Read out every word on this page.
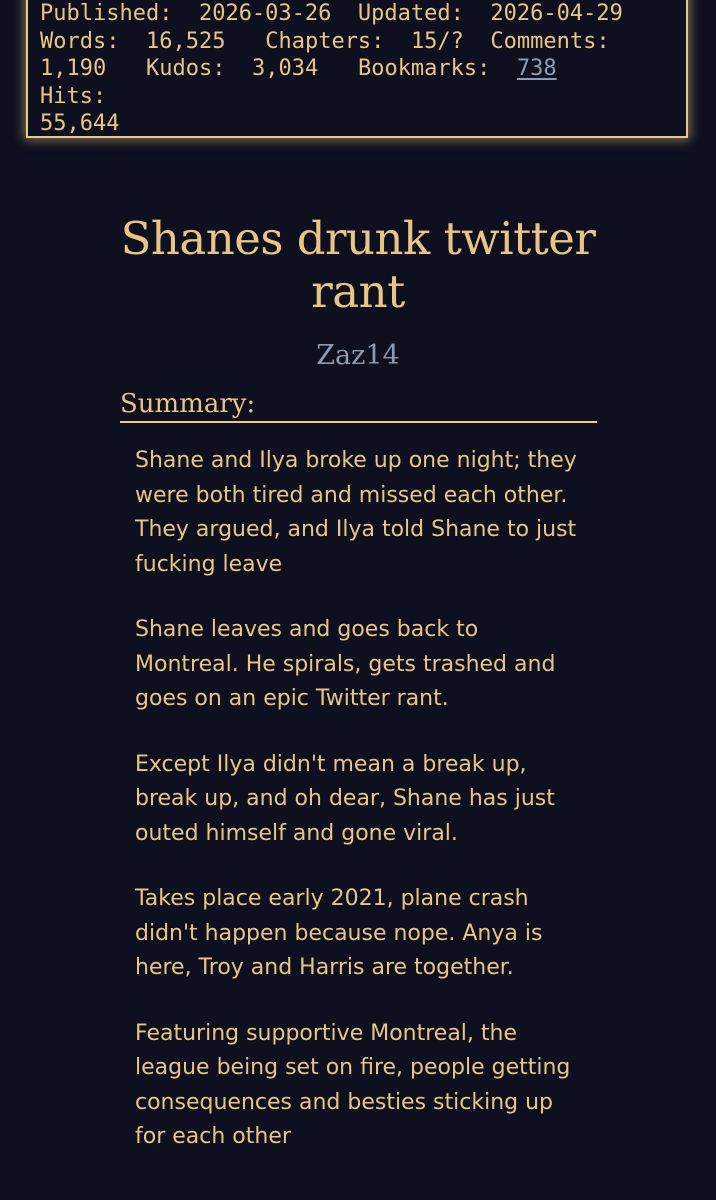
Published: 2026-03-26 Updated: 2026-04-29
Words: 16,525 Chapters: 15/? Comments:
1,190 Kudos: 3,034 Bookmarks: 738  Hits:
55,644
Shanes drunk twitter rant
Zaz14
Summary:

Shane and Ilya broke up one night; they were both tired and missed each other. They argued, and Ilya told Shane to just fucking leave

Shane leaves and goes back to Montreal. He spirals, gets trashed and goes on an epic Twitter rant.

Except Ilya didn't mean a break up, break up, and oh dear, Shane has just outed himself and gone viral.

Takes place early 2021, plane crash didn't happen because nope. Anya is here, Troy and Harris are together.

Featuring supportive Montreal, the league being set on fire, people getting consequences and besties sticking up for each other
